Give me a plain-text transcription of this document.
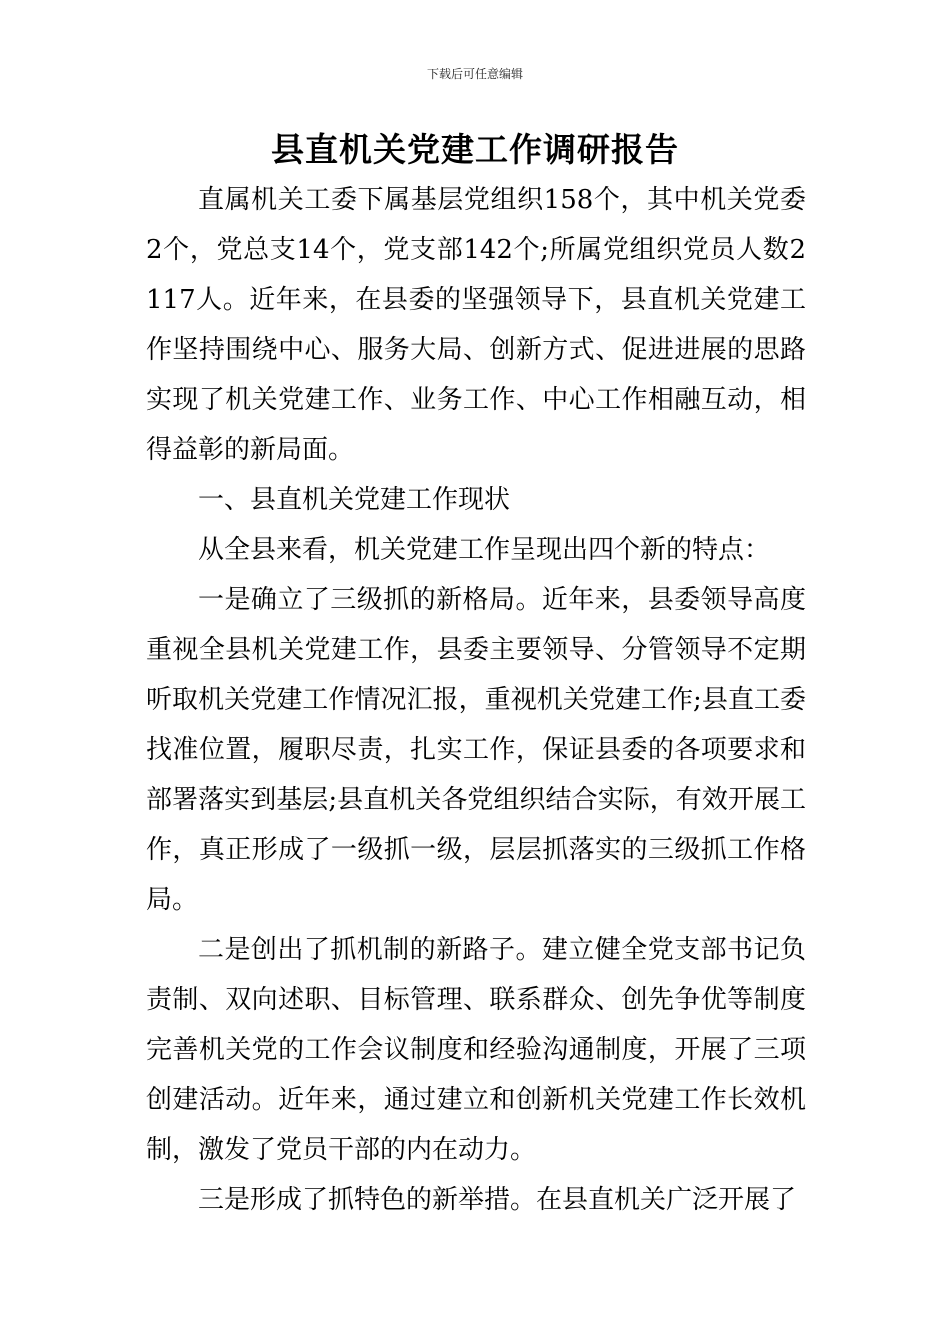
下载后可任意编辑
县直机关党建工作调研报告

直属机关工委下属基层党组织158个，其中机关党委2个，党总支14个，党支部142个;所属党组织党员人数2117人。近年来，在县委的坚强领导下，县直机关党建工作坚持围绕中心、服务大局、创新方式、促进进展的思路实现了机关党建工作、业务工作、中心工作相融互动，相得益彰的新局面。

一、县直机关党建工作现状

从全县来看，机关党建工作呈现出四个新的特点：

一是确立了三级抓的新格局。近年来，县委领导高度重视全县机关党建工作，县委主要领导、分管领导不定期听取机关党建工作情况汇报，重视机关党建工作;县直工委找准位置，履职尽责，扎实工作，保证县委的各项要求和部署落实到基层;县直机关各党组织结合实际，有效开展工作，真正形成了一级抓一级，层层抓落实的三级抓工作格局。

二是创出了抓机制的新路子。建立健全党支部书记负责制、双向述职、目标管理、联系群众、创先争优等制度完善机关党的工作会议制度和经验沟通制度，开展了三项创建活动。近年来，通过建立和创新机关党建工作长效机制，激发了党员干部的内在动力。

三是形成了抓特色的新举措。在县直机关广泛开展了
